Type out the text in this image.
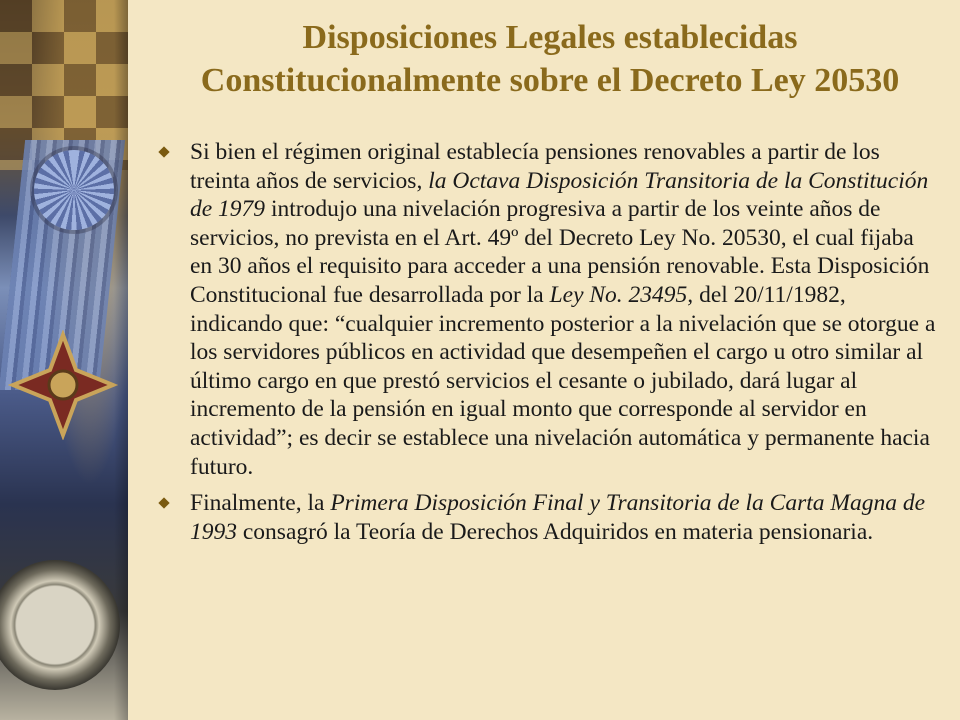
Disposiciones Legales establecidas
Constitucionalmente sobre el Decreto Ley 20530
Si bien el régimen original establecía pensiones renovables a partir de los treinta años de servicios, la Octava Disposición Transitoria de la Constitución de 1979 introdujo una nivelación progresiva a partir de los veinte años de servicios, no prevista en el Art. 49º del Decreto Ley No. 20530, el cual fijaba en 30 años el requisito para acceder a una pensión renovable. Esta Disposición Constitucional fue desarrollada por la Ley No. 23495, del 20/11/1982, indicando que: “cualquier incremento posterior a la nivelación que se otorgue a los servidores públicos en actividad que desempeñen el cargo u otro similar al último cargo en que prestó servicios el cesante o jubilado, dará lugar al incremento de la pensión en igual monto que corresponde al servidor en actividad”; es decir se establece una nivelación automática y permanente hacia futuro.
Finalmente, la Primera Disposición Final y Transitoria de la Carta Magna de 1993 consagró la Teoría de Derechos Adquiridos en materia pensionaria.
